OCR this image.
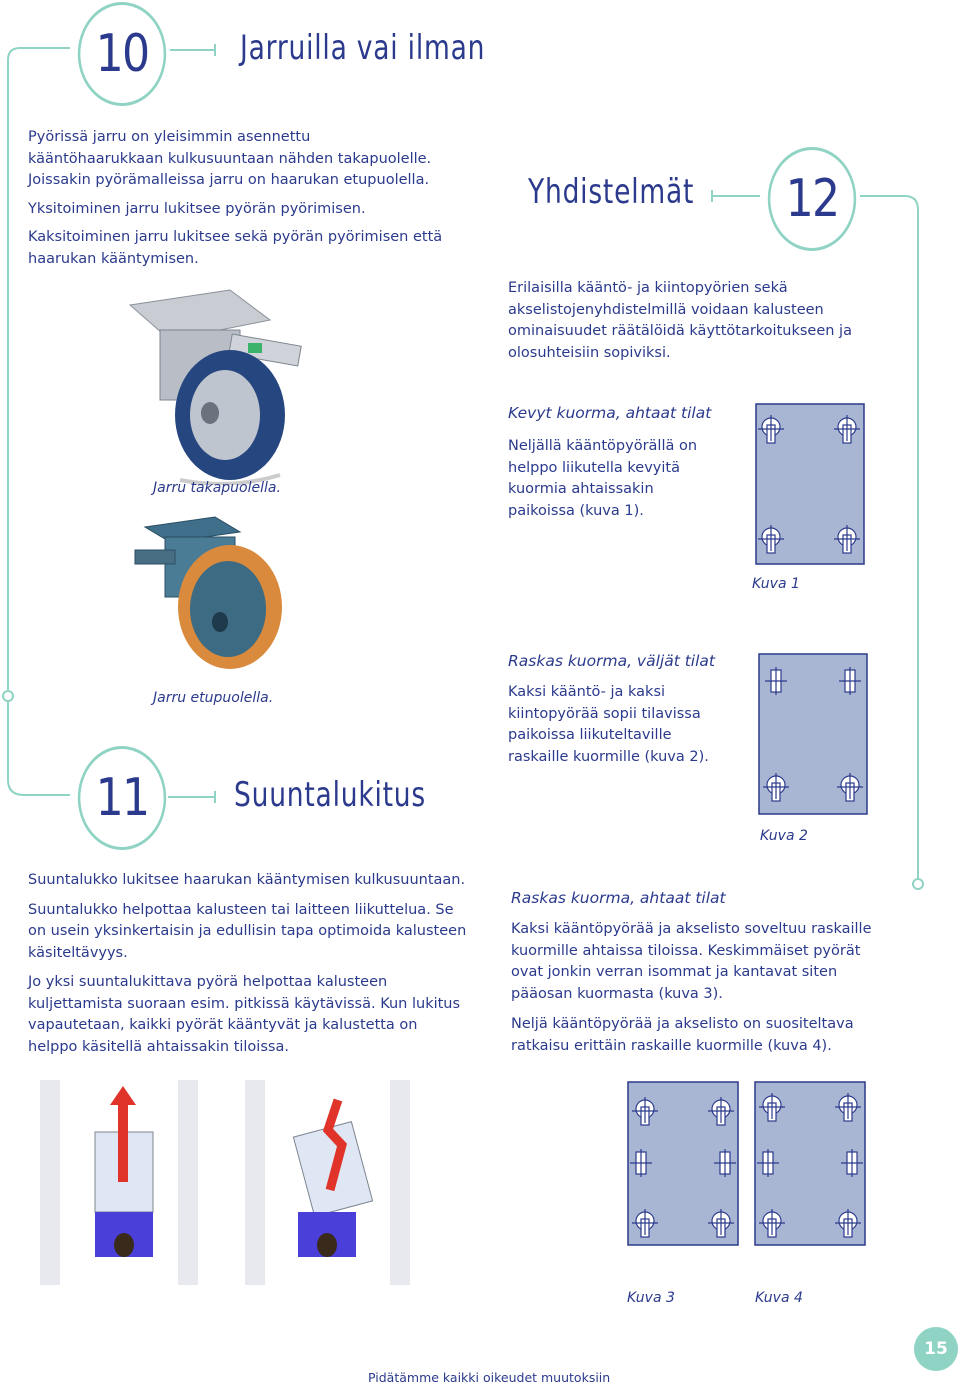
10	Jarruilla vai ilman

Pyörissä jarru on yleisimmin asennettu kääntöhaarukkaan kulkusuuntaan nähden takapuolelle. Joissakin pyörämalleissa jarru on haarukan etupuolella.

Yksitoiminen jarru lukitsee pyörän pyörimisen.

Kaksitoiminen jarru lukitsee sekä pyörän pyörimisen että haarukan kääntymisen.

Jarru takapuolella.
Jarru etupuolella.
Yhdistelmät	12
Erilaisilla kääntö- ja kiintopyörien sekä akselistojenyhdistelmillä voidaan kalusteen ominaisuudet räätälöidä käyttötarkoitukseen ja olosuhteisiin sopiviksi.
Kevyt kuorma, ahtaat tilat
Neljällä kääntöpyörällä on helppo liikutella kevyitä kuormia ahtaissakin paikoissa (kuva 1).
Kuva 1
Raskas kuorma, väljät tilat
Kaksi kääntö- ja kaksi kiintopyörää sopii tilavissa paikoissa liikuteltaville raskaille kuormille (kuva 2).
Kuva 2
11	Suuntalukitus

Suuntalukko lukitsee haarukan kääntymisen kulkusuuntaan.

Suuntalukko helpottaa kalusteen tai laitteen liikuttelua. Se on usein yksinkertaisin ja edullisin tapa optimoida kalusteen käsiteltävyys.

Jo yksi suuntalukittava pyörä helpottaa kalusteen kuljettamista suoraan esim. pitkissä käytävissä. Kun lukitus vapautetaan, kaikki pyörät kääntyvät ja kalustetta on helppo käsitellä ahtaissakin tiloissa.

Raskas kuorma, ahtaat tilat

Kaksi kääntöpyörää ja akselisto soveltuu raskaille kuormille ahtaissa tiloissa. Keskimmäiset pyörät ovat jonkin verran isommat ja kantavat siten pääosan kuormasta (kuva 3).

Neljä kääntöpyörää ja akselisto on suositeltava ratkaisu erittäin raskaille kuormille (kuva 4).

Kuva 3	Kuva 4
Pidätämme kaikki oikeudet muutoksiin
15
